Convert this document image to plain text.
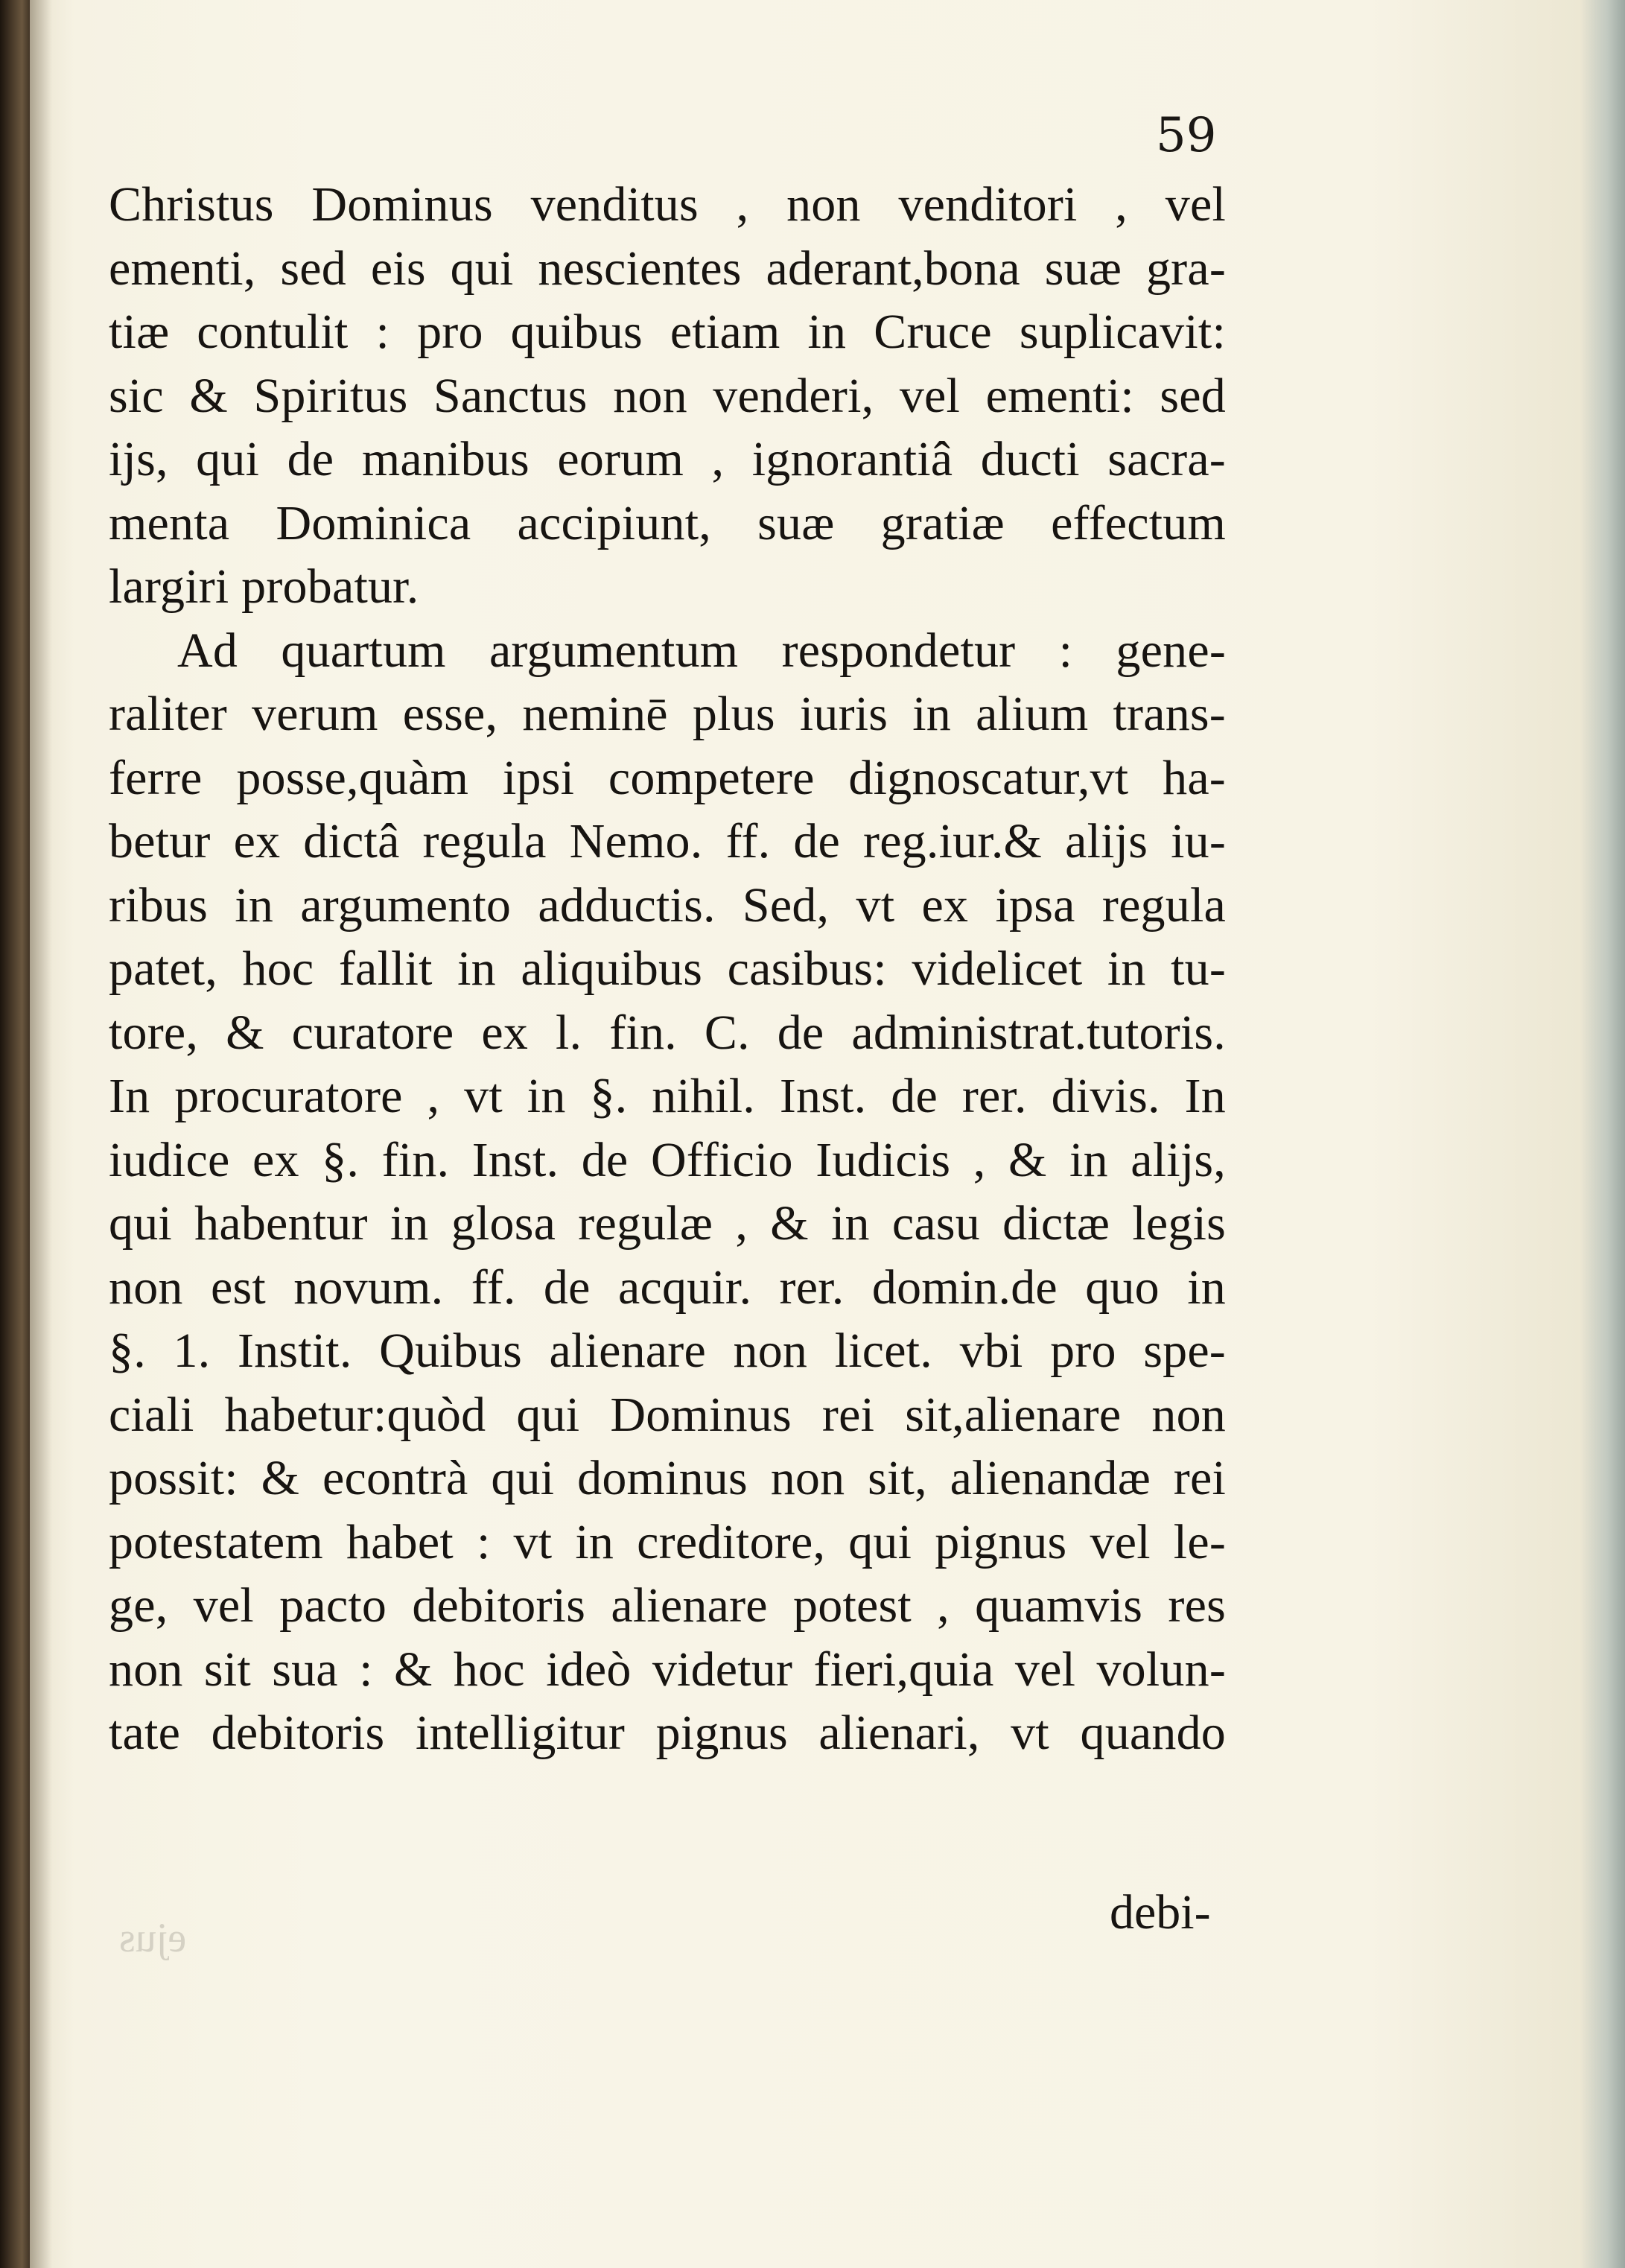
59
Christus Dominus venditus , non venditori , vel
ementi, sed eis qui nescientes aderant,bona suæ gra-
tiæ contulit : pro quibus etiam in Cruce suplicavit:
sic & Spiritus Sanctus non venderi, vel ementi: sed
ijs, qui de manibus eorum , ignorantiâ ducti sacra-
menta Dominica accipiunt, suæ gratiæ effectum
largiri probatur.
Ad quartum argumentum respondetur : gene-
raliter verum esse, neminē plus iuris in alium trans-
ferre posse,quàm ipsi competere dignoscatur,vt ha-
betur ex dictâ regula Nemo. ff. de reg.iur.& alijs iu-
ribus in argumento adductis. Sed, vt ex ipsa regula
patet, hoc fallit in aliquibus casibus: videlicet in tu-
tore, & curatore ex l. fin. C. de administrat.tutoris.
In procuratore , vt in §. nihil. Inst. de rer. divis. In
iudice ex §. fin. Inst. de Officio Iudicis , & in alijs,
qui habentur in glosa regulæ , & in casu dictæ legis
non est novum. ff. de acquir. rer. domin.de quo in
§. 1. Instit. Quibus alienare non licet. vbi pro spe-
ciali habetur:quòd qui Dominus rei sit,alienare non
possit: & econtrà qui dominus non sit, alienandæ rei
potestatem habet : vt in creditore, qui pignus vel le-
ge, vel pacto debitoris alienare potest , quamvis res
non sit sua : & hoc ideò videtur fieri,quia vel volun-
tate debitoris intelligitur pignus alienari, vt quando
debi-
ejus
